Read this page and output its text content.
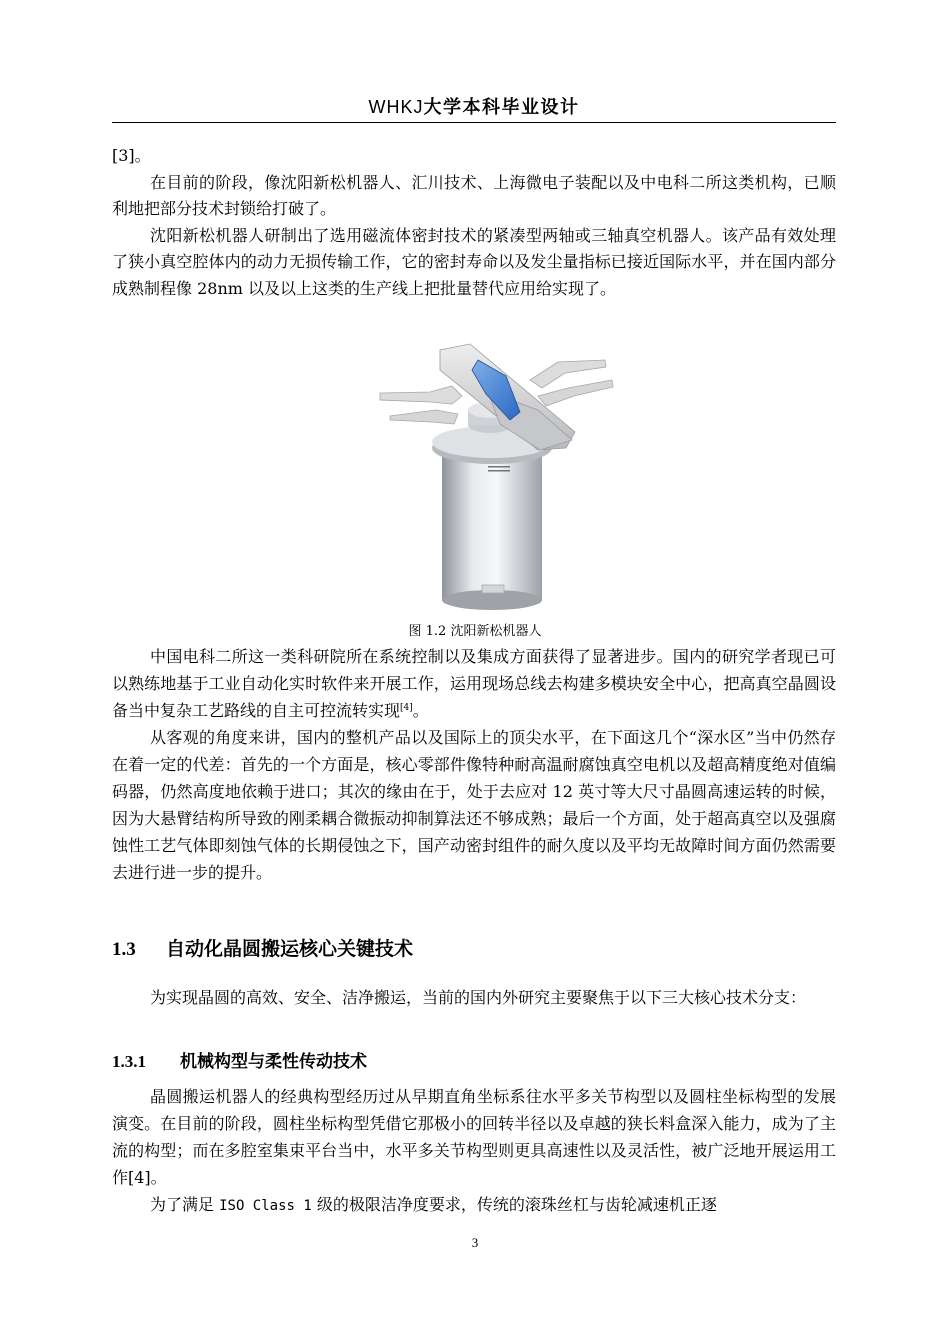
WHKJ大学本科毕业设计

[3]。

在目前的阶段，像沈阳新松机器人、汇川技术、上海微电子装配以及中电科二所这类机构，已顺利地把部分技术封锁给打破了。

沈阳新松机器人研制出了选用磁流体密封技术的紧凑型两轴或三轴真空机器人。该产品有效处理了狭小真空腔体内的动力无损传输工作，它的密封寿命以及发尘量指标已接近国际水平，并在国内部分成熟制程像 28nm 以及以上这类的生产线上把批量替代应用给实现了。

图 1.2 沈阳新松机器人

中国电科二所这一类科研院所在系统控制以及集成方面获得了显著进步。国内的研究学者现已可以熟练地基于工业自动化实时软件来开展工作，运用现场总线去构建多模块安全中心，把高真空晶圆设备当中复杂工艺路线的自主可控流转实现[4]。

从客观的角度来讲，国内的整机产品以及国际上的顶尖水平，在下面这几个“深水区”当中仍然存在着一定的代差：首先的一个方面是，核心零部件像特种耐高温耐腐蚀真空电机以及超高精度绝对值编码器，仍然高度地依赖于进口；其次的缘由在于，处于去应对 12 英寸等大尺寸晶圆高速运转的时候，因为大悬臂结构所导致的刚柔耦合微振动抑制算法还不够成熟；最后一个方面，处于超高真空以及强腐蚀性工艺气体即刻蚀气体的长期侵蚀之下，国产动密封组件的耐久度以及平均无故障时间方面仍然需要去进行进一步的提升。

1.3 自动化晶圆搬运核心关键技术

为实现晶圆的高效、安全、洁净搬运，当前的国内外研究主要聚焦于以下三大核心技术分支：

1.3.1 机械构型与柔性传动技术

晶圆搬运机器人的经典构型经历过从早期直角坐标系往水平多关节构型以及圆柱坐标构型的发展演变。在目前的阶段，圆柱坐标构型凭借它那极小的回转半径以及卓越的狭长料盒深入能力，成为了主流的构型；而在多腔室集束平台当中，水平多关节构型则更具高速性以及灵活性，被广泛地开展运用工作[4]。

为了满足 ISO Class 1 级的极限洁净度要求，传统的滚珠丝杠与齿轮减速机正逐

3
